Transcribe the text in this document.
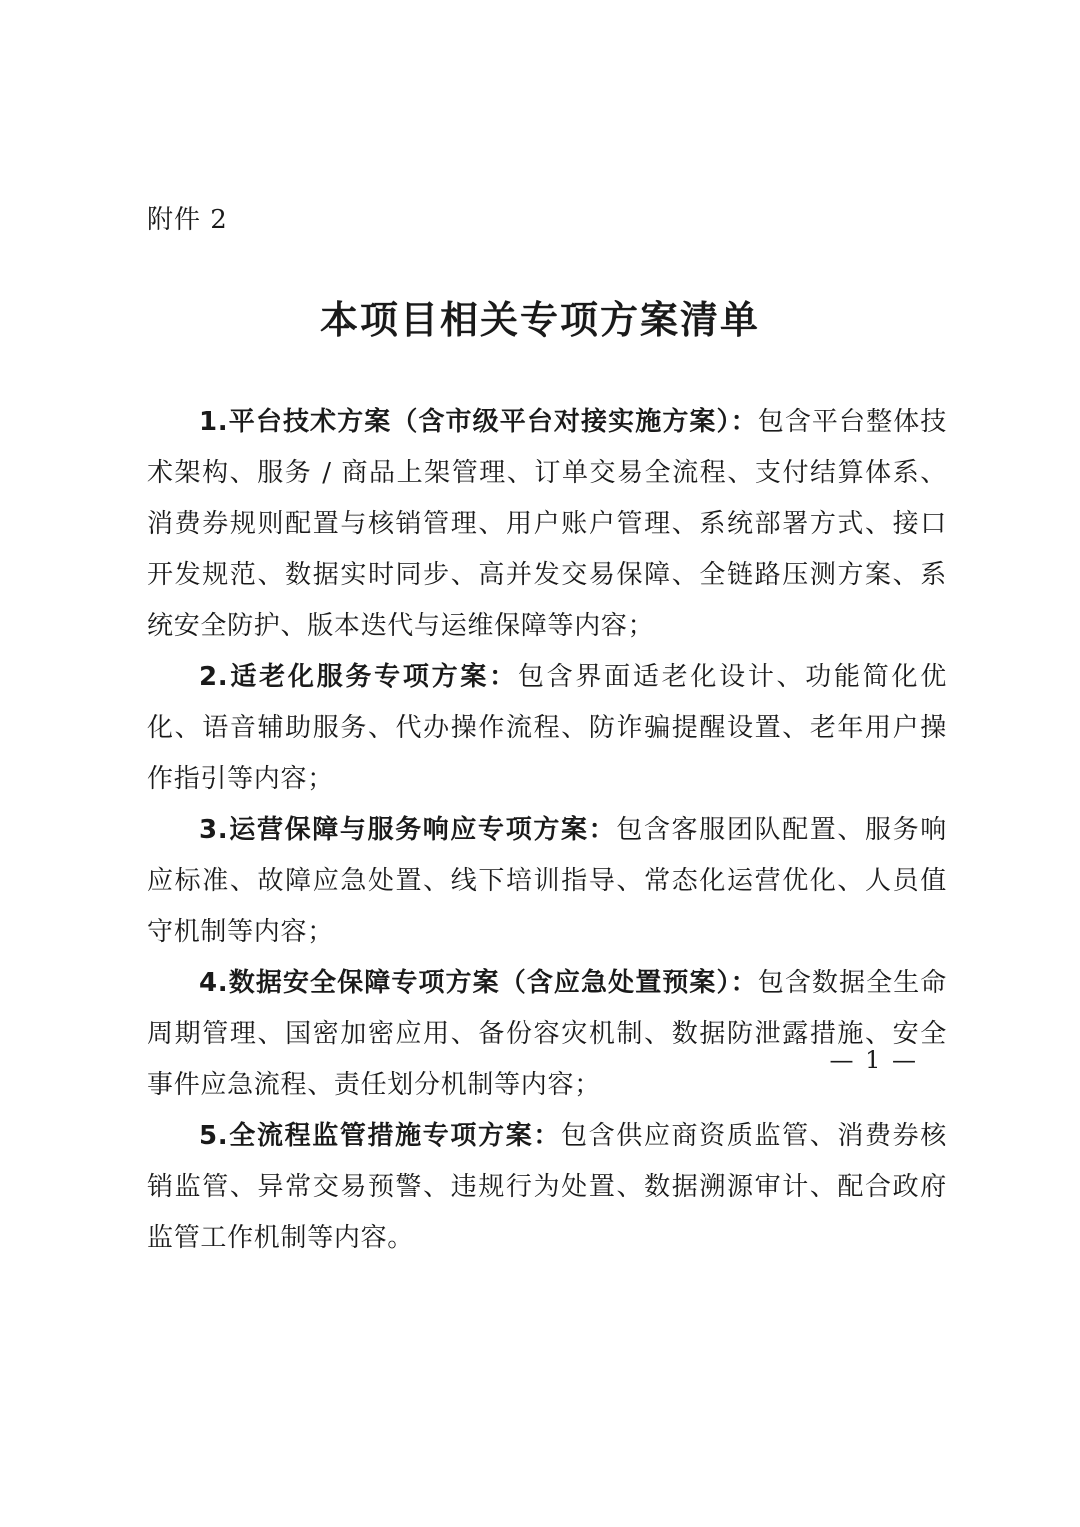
附件 2
本项目相关专项方案清单

1.平台技术方案（含市级平台对接实施方案）：包含平台整体技术架构、服务 / 商品上架管理、订单交易全流程、支付结算体系、消费券规则配置与核销管理、用户账户管理、系统部署方式、接口开发规范、数据实时同步、高并发交易保障、全链路压测方案、系统安全防护、版本迭代与运维保障等内容；

2.适老化服务专项方案：包含界面适老化设计、功能简化优化、语音辅助服务、代办操作流程、防诈骗提醒设置、老年用户操作指引等内容；

3.运营保障与服务响应专项方案：包含客服团队配置、服务响应标准、故障应急处置、线下培训指导、常态化运营优化、人员值守机制等内容；

4.数据安全保障专项方案（含应急处置预案）：包含数据全生命周期管理、国密加密应用、备份容灾机制、数据防泄露措施、安全事件应急流程、责任划分机制等内容；

5.全流程监管措施专项方案：包含供应商资质监管、消费券核销监管、异常交易预警、违规行为处置、数据溯源审计、配合政府监管工作机制等内容。

— 1 —
